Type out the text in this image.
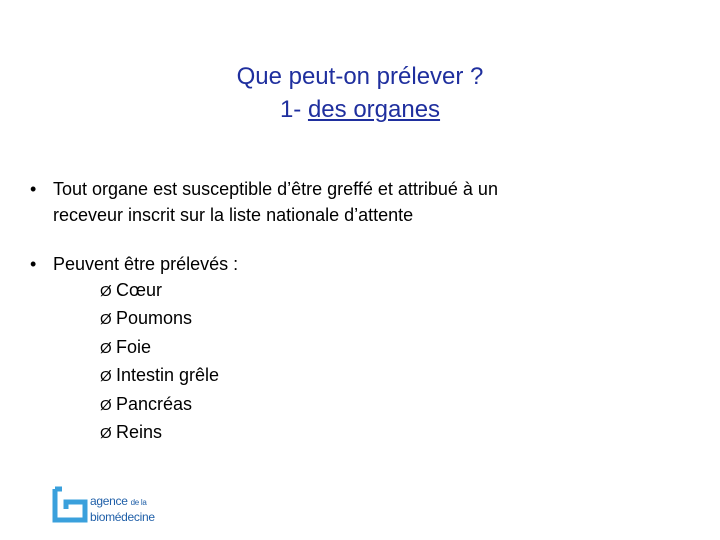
Que peut-on prélever ?
1- des organes
• Tout organe est susceptible d’être greffé et attribué à un
receveur inscrit sur la liste nationale d’attente
• Peuvent être prélevés :
Ø Cœur
Ø Poumons
Ø Foie
Ø Intestin grêle
Ø Pancréas
Ø Reins
agence de la
biomédecine
